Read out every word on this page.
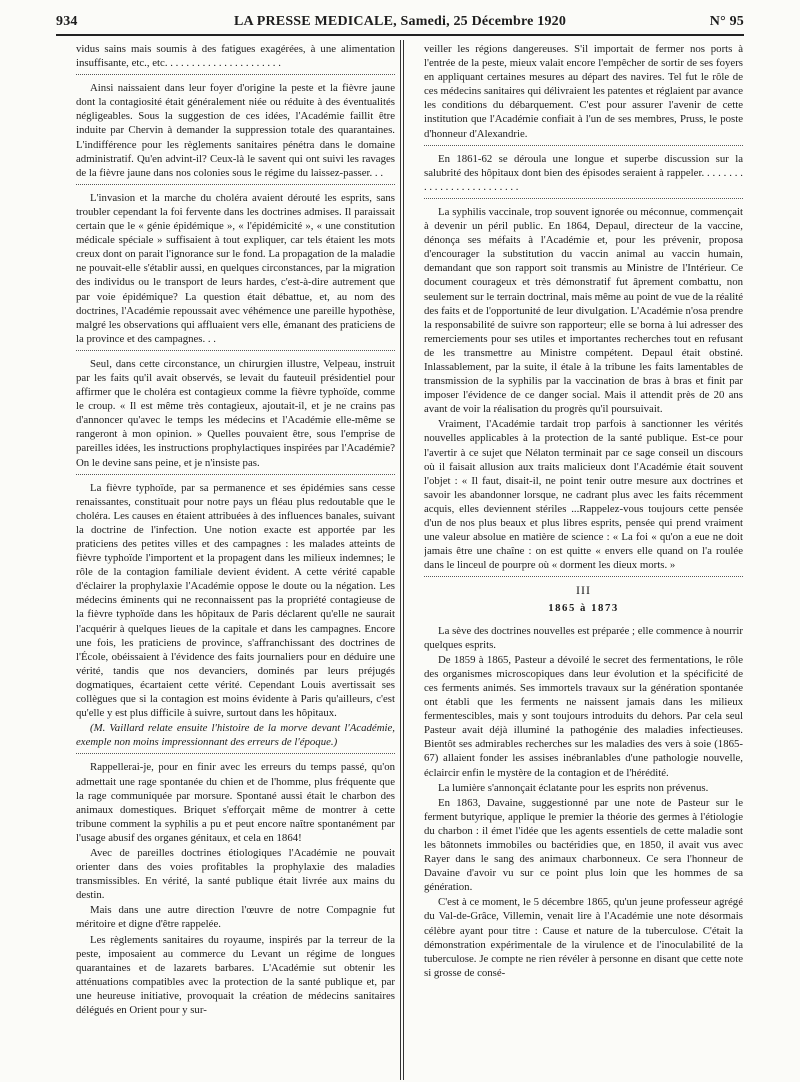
934	LA PRESSE MEDICALE, Samedi, 25 Décembre 1920	N° 95

vidus sains mais soumis à des fatigues exagérées, à une alimentation insuffisante, etc., etc. . . . . . . . . . . . . . . . . . . . . .

Ainsi naissaient dans leur foyer d'origine la peste et la fièvre jaune dont la contagiosité était généralement niée ou réduite à des éventualités négligeables. Sous la suggestion de ces idées, l'Académie faillit être induite par Chervin à demander la suppression totale des quarantaines. L'indifférence pour les règlements sanitaires pénétra dans le domaine administratif. Qu'en advint-il? Ceux-là le savent qui ont suivi les ravages de la fièvre jaune dans nos colonies sous le régime du laissez-passer. . .

L'invasion et la marche du choléra avaient dérouté les esprits, sans troubler cependant la foi fervente dans les doctrines admises. Il paraissait certain que le « génie épidémique », « l'épidémicité », « une constitution médicale spéciale » suffisaient à tout expliquer, car tels étaient les mots creux dont on parait l'ignorance sur le fond. La propagation de la maladie ne pouvait-elle s'établir aussi, en quelques circonstances, par la migration des individus ou le transport de leurs hardes, c'est-à-dire autrement que par voie épidémique? La question était débattue, et, au nom des doctrines, l'Académie repoussait avec véhémence une pareille hypothèse, malgré les observations qui affluaient vers elle, émanant des praticiens de la province et des campagnes. . .

Seul, dans cette circonstance, un chirurgien illustre, Velpeau, instruit par les faits qu'il avait observés, se levait du fauteuil présidentiel pour affirmer que le choléra est contagieux comme la fièvre typhoïde, comme le croup. « Il est même très contagieux, ajoutait-il, et je ne crains pas d'annoncer qu'avec le temps les médecins et l'Académie elle-même se rangeront à mon opinion. » Quelles pouvaient être, sous l'emprise de pareilles idées, les instructions prophylactiques inspirées par l'Académie? On le devine sans peine, et je n'insiste pas.

La fièvre typhoïde, par sa permanence et ses épidémies sans cesse renaissantes, constituait pour notre pays un fléau plus redoutable que le choléra. Les causes en étaient attribuées à des influences banales, suivant la doctrine de l'infection. Une notion exacte est apportée par les praticiens des petites villes et des campagnes : les malades atteints de fièvre typhoïde l'importent et la propagent dans les milieux indemnes; le rôle de la contagion familiale devient évident. A cette vérité capable d'éclairer la prophylaxie l'Académie oppose le doute ou la négation. Les médecins éminents qui ne reconnaissent pas la propriété contagieuse de la fièvre typhoïde dans les hôpitaux de Paris déclarent qu'elle ne saurait l'acquérir à quelques lieues de la capitale et dans les campagnes. Encore une fois, les praticiens de province, s'affranchissant des doctrines de l'École, obéissaient à l'évidence des faits journaliers pour en déduire une vérité, tandis que nos devanciers, dominés par leurs préjugés dogmatiques, écartaient cette vérité. Cependant Louis avertissait ses collègues que si la contagion est moins évidente à Paris qu'ailleurs, c'est qu'elle y est plus difficile à suivre, surtout dans les hôpitaux.

(M. Vaillard relate ensuite l'histoire de la morve devant l'Académie, exemple non moins impressionnant des erreurs de l'époque.)

Rappellerai-je, pour en finir avec les erreurs du temps passé, qu'on admettait une rage spontanée du chien et de l'homme, plus fréquente que la rage communiquée par morsure. Spontané aussi était le charbon des animaux domestiques. Briquet s'efforçait même de montrer à cette tribune comment la syphilis a pu et peut encore naître spontanément par l'usage abusif des organes génitaux, et cela en 1864!

Avec de pareilles doctrines étiologiques l'Académie ne pouvait orienter dans des voies profitables la prophylaxie des maladies transmissibles. En vérité, la santé publique était livrée aux mains du destin.

Mais dans une autre direction l'œuvre de notre Compagnie fut méritoire et digne d'être rappelée.

Les règlements sanitaires du royaume, inspirés par la terreur de la peste, imposaient au commerce du Levant un régime de longues quarantaines et de lazarets barbares. L'Académie sut obtenir les atténuations compatibles avec la protection de la santé publique et, par une heureuse initiative, provoquait la création de médecins sanitaires délégués en Orient pour y sur-

veiller les régions dangereuses. S'il importait de fermer nos ports à l'entrée de la peste, mieux valait encore l'empêcher de sortir de ses foyers en appliquant certaines mesures au départ des navires. Tel fut le rôle de ces médecins sanitaires qui délivraient les patentes et réglaient par avance les conditions du débarquement. C'est pour assurer l'avenir de cette institution que l'Académie confiait à l'un de ses membres, Pruss, le poste d'honneur d'Alexandrie.

En 1861-62 se déroula une longue et superbe discussion sur la salubrité des hôpitaux dont bien des épisodes seraient à rappeler. . . . . . . . . . . . . . . . . . . . . . . . . .

La syphilis vaccinale, trop souvent ignorée ou méconnue, commençait à devenir un péril public. En 1864, Depaul, directeur de la vaccine, dénonça ses méfaits à l'Académie et, pour les prévenir, proposa d'encourager la substitution du vaccin animal au vaccin humain, demandant que son rapport soit transmis au Ministre de l'Intérieur. Ce document courageux et très démonstratif fut âprement combattu, non seulement sur le terrain doctrinal, mais même au point de vue de la réalité des faits et de l'opportunité de leur divulgation. L'Académie n'osa prendre la responsabilité de suivre son rapporteur; elle se borna à lui adresser des remerciements pour ses utiles et importantes recherches tout en refusant de les transmettre au Ministre compétent. Depaul était obstiné. Inlassablement, par la suite, il étale à la tribune les faits lamentables de transmission de la syphilis par la vaccination de bras à bras et finit par imposer l'évidence de ce danger social. Mais il attendit près de 20 ans avant de voir la réalisation du progrès qu'il poursuivait.

Vraiment, l'Académie tardait trop parfois à sanctionner les vérités nouvelles applicables à la protection de la santé publique. Est-ce pour l'avertir à ce sujet que Nélaton terminait par ce sage conseil un discours où il faisait allusion aux traits malicieux dont l'Académie était souvent l'objet : « Il faut, disait-il, ne point tenir outre mesure aux doctrines et savoir les abandonner lorsque, ne cadrant plus avec les faits récemment acquis, elles deviennent stériles ...Rappelez-vous toujours cette pensée d'un de nos plus beaux et plus libres esprits, pensée qui prend vraiment une valeur absolue en matière de science : « La foi « qu'on a eue ne doit jamais être une chaîne : on est quitte « envers elle quand on l'a roulée dans le linceul de pourpre où « dorment les dieux morts. »

III
1865 à 1873

La sève des doctrines nouvelles est préparée ; elle commence à nourrir quelques esprits.

De 1859 à 1865, Pasteur a dévoilé le secret des fermentations, le rôle des organismes microscopiques dans leur évolution et la spécificité de ces ferments animés. Ses immortels travaux sur la génération spontanée ont établi que les ferments ne naissent jamais dans les milieux fermentescibles, mais y sont toujours introduits du dehors. Par cela seul Pasteur avait déjà illuminé la pathogénie des maladies infectieuses. Bientôt ses admirables recherches sur les maladies des vers à soie (1865-67) allaient fonder les assises inébranlables d'une pathologie nouvelle, éclaircir enfin le mystère de la contagion et de l'hérédité.

La lumière s'annonçait éclatante pour les esprits non prévenus.

En 1863, Davaine, suggestionné par une note de Pasteur sur le ferment butyrique, applique le premier la théorie des germes à l'étiologie du charbon : il émet l'idée que les agents essentiels de cette maladie sont les bâtonnets immobiles ou bactéridies que, en 1850, il avait vus avec Rayer dans le sang des animaux charbonneux. Ce sera l'honneur de Davaine d'avoir vu sur ce point plus loin que les hommes de sa génération.

C'est à ce moment, le 5 décembre 1865, qu'un jeune professeur agrégé du Val-de-Grâce, Villemin, venait lire à l'Académie une note désormais célèbre ayant pour titre : Cause et nature de la tuberculose. C'était la démonstration expérimentale de la virulence et de l'inoculabilité de la tuberculose. Je compte ne rien révéler à personne en disant que cette note si grosse de consé-
